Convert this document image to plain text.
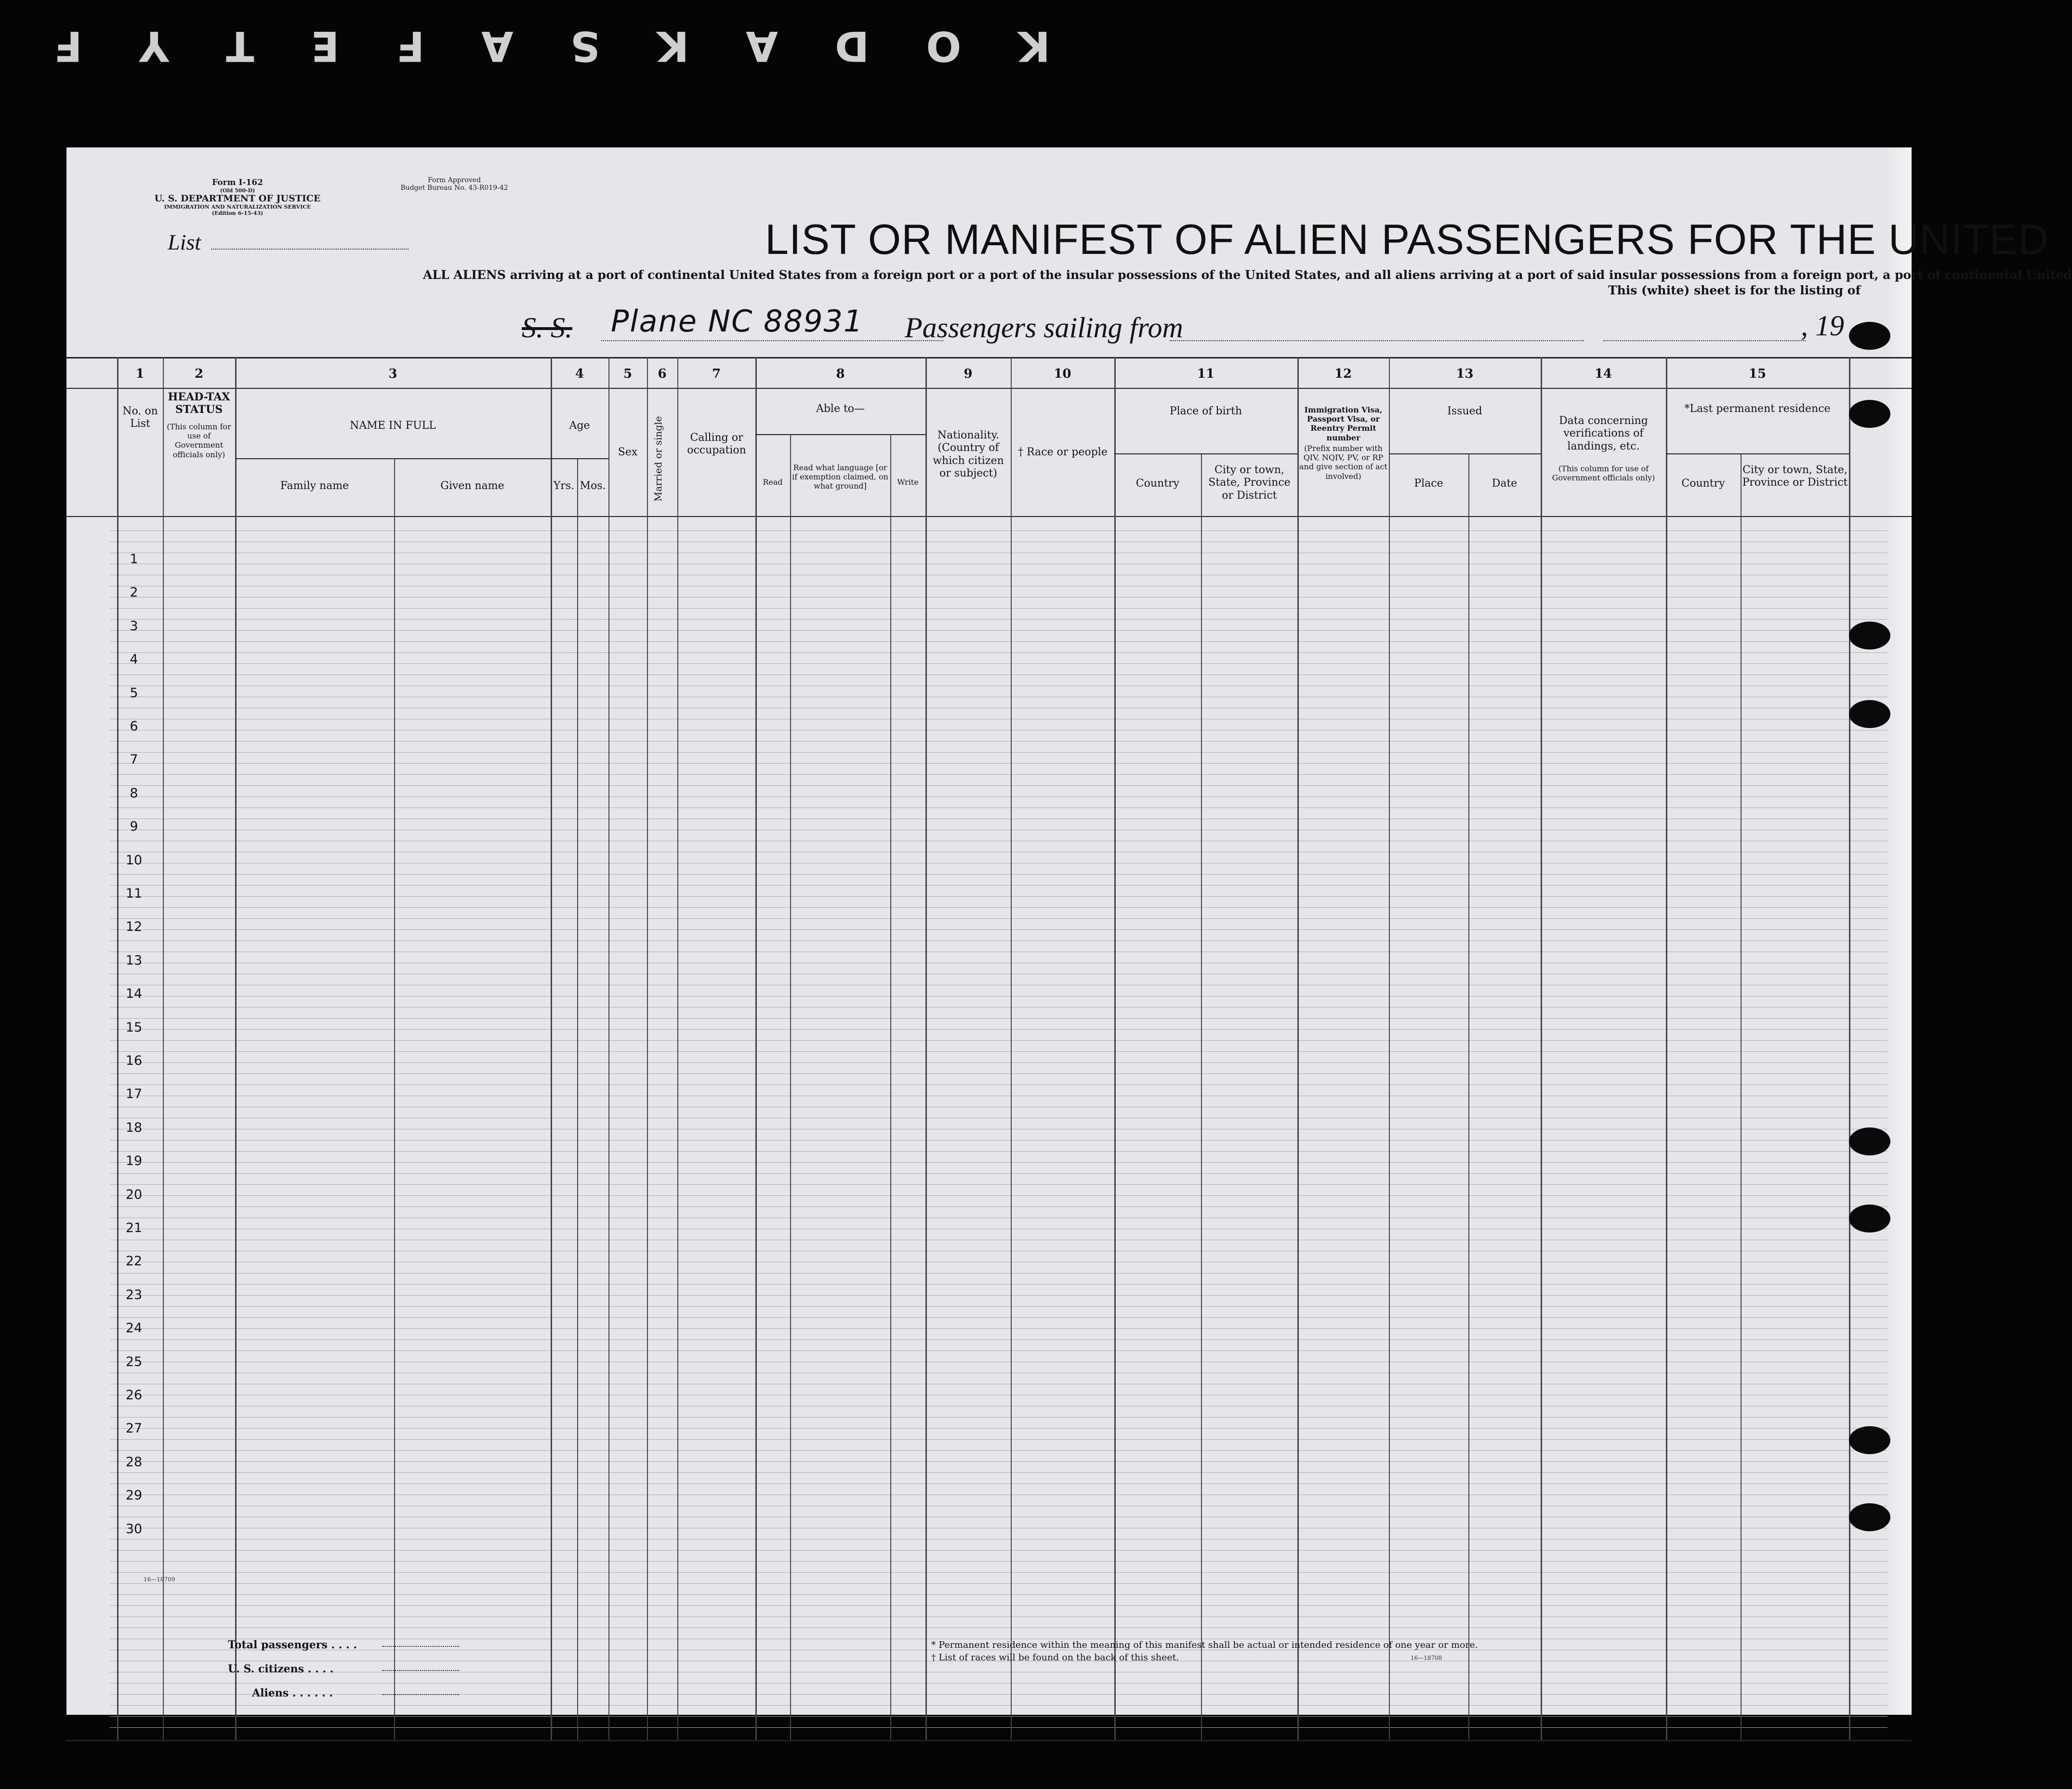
K
O
D
A
K
S
A
F
E
T
Y
F
Form I-162
(Old 500-D)
U. S. DEPARTMENT OF JUSTICE
IMMIGRATION AND NATURALIZATION SERVICE
(Edition 6-15-43)
Form Approved
Budget Bureau No. 43-R019-42
List	LIST OR MANIFEST OF ALIEN PASSENGERS FOR THE UNITED
ALL ALIENS arriving at a port of continental United States from a foreign port or a port of the insular possessions of the United States, and all aliens arriving at a port of said insular possessions from a foreign port, a port of continental United
This (white) sheet is for the listing of
S. S. Plane NC 88931 Passengers sailing from	, 19
1	2	3	4	5	6	7	8	9	10	11	12	13	14	15
No. on List
HEAD-TAX STATUS
(This column for use of Government officials only)
NAME IN FULL
Family name	Given name
Age
Yrs. Mos.
Sex	Married or single	Calling or occupation
Able to—
Read
Read what language [or if exemption claimed, on what ground]	Write
Nationality. (Country of which citizen or subject)
† Race or people
Place of birth
Country
City or town, State, Province or District
Immigration Visa, Passport Visa, or Reentry Permit number
(Prefix number with QIV, NQIV, PV, or RP and give section of act involved)
Issued
Place	Date
Data concerning verifications of landings, etc.
(This column for use of Government officials only)
*Last permanent residence
Country
City or town, State, Province or District
1
2
3
4
5
6
7
8
9
10
11
12
13
14
15
16
17
18
19
20
21
22
23
24
25
26
27
28
29
30
16—18709
Total passengers . . . .
U. S. citizens . . . .
Aliens . . . . . .
* Permanent residence within the meaning of this manifest shall be actual or intended residence of one year or more.
† List of races will be found on the back of this sheet.	16—18708
